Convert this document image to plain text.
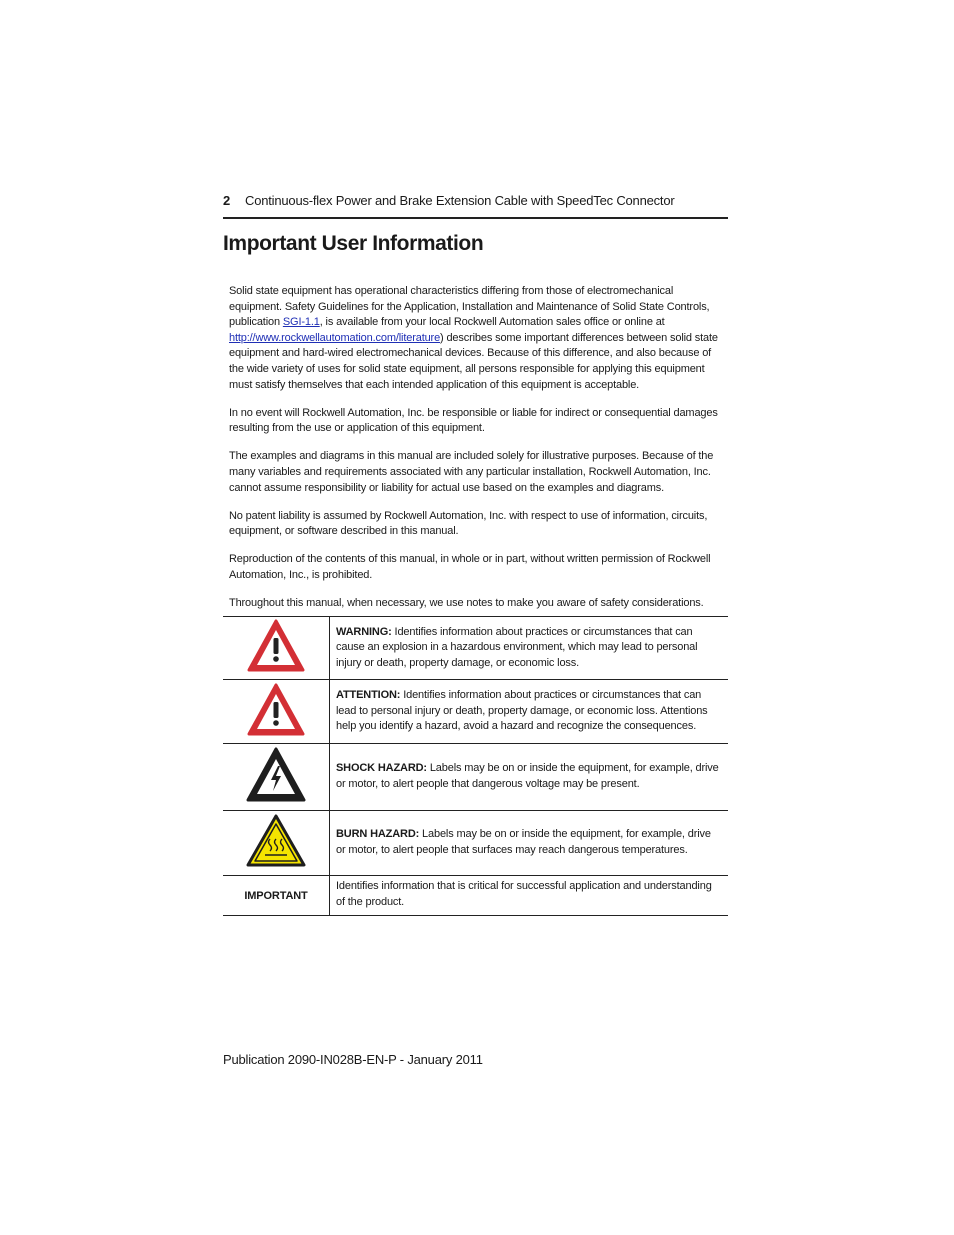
2 Continuous-flex Power and Brake Extension Cable with SpeedTec Connector
Important User Information

Solid state equipment has operational characteristics differing from those of electromechanical equipment. Safety Guidelines for the Application, Installation and Maintenance of Solid State Controls, publication SGI-1.1, is available from your local Rockwell Automation sales office or online at http://www.rockwellautomation.com/literature) describes some important differences between solid state equipment and hard-wired electromechanical devices. Because of this difference, and also because of the wide variety of uses for solid state equipment, all persons responsible for applying this equipment must satisfy themselves that each intended application of this equipment is acceptable.

In no event will Rockwell Automation, Inc. be responsible or liable for indirect or consequential damages resulting from the use or application of this equipment.

The examples and diagrams in this manual are included solely for illustrative purposes. Because of the many variables and requirements associated with any particular installation, Rockwell Automation, Inc. cannot assume responsibility or liability for actual use based on the examples and diagrams.

No patent liability is assumed by Rockwell Automation, Inc. with respect to use of information, circuits, equipment, or software described in this manual.

Reproduction of the contents of this manual, in whole or in part, without written permission of Rockwell Automation, Inc., is prohibited.

Throughout this manual, when necessary, we use notes to make you aware of safety considerations.

	WARNING: Identifies information about practices or circumstances that can cause an explosion in a hazardous environment, which may lead to personal injury or death, property damage, or economic loss.
	ATTENTION: Identifies information about practices or circumstances that can lead to personal injury or death, property damage, or economic loss. Attentions help you identify a hazard, avoid a hazard and recognize the consequences.
	SHOCK HAZARD: Labels may be on or inside the equipment, for example, drive or motor, to alert people that dangerous voltage may be present.
	BURN HAZARD: Labels may be on or inside the equipment, for example, drive or motor, to alert people that surfaces may reach dangerous temperatures.
IMPORTANT	Identifies information that is critical for successful application and understanding of the product.
Publication 2090-IN028B-EN-P - January 2011
